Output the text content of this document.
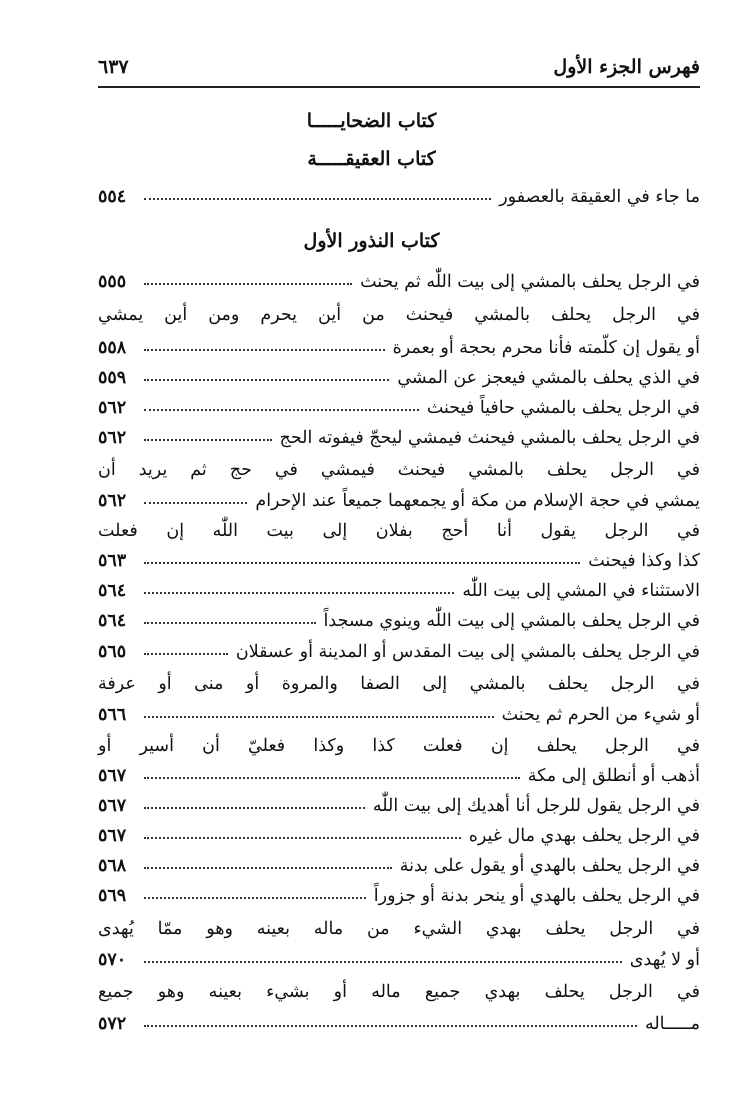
فهرس الجزء الأول
٦٣٧
كتاب الضحايـــــا
كتاب العقيقـــــة
ما جاء في العقيقة بالعصفور
٥٥٤
كتاب النذور الأول
في الرجل يحلف بالمشي إلى بيت اللّٰه ثم يحنث
٥٥٥
في الرجل يحلف بالمشي فيحنث من أين يحرم ومن أين يمشي
أو يقول إن كلّمته فأنا محرم بحجة أو بعمرة
٥٥٨
في الذي يحلف بالمشي فيعجز عن المشي
٥٥٩
في الرجل يحلف بالمشي حافياً فيحنث
٥٦٢
في الرجل يحلف بالمشي فيحنث فيمشي ليحجّ فيفوته الحج
٥٦٢
في الرجل يحلف بالمشي فيحنث فيمشي في حج ثم يريد أن
يمشي في حجة الإسلام من مكة أو يجمعهما جميعاً عند الإحرام
٥٦٢
في الرجل يقول أنا أحج بفلان إلى بيت اللّٰه إن فعلت
كذا وكذا فيحنث
٥٦٣
الاستثناء في المشي إلى بيت اللّٰه
٥٦٤
في الرجل يحلف بالمشي إلى بيت اللّٰه وينوي مسجداً
٥٦٤
في الرجل يحلف بالمشي إلى بيت المقدس أو المدينة أو عسقلان
٥٦٥
في الرجل يحلف بالمشي إلى الصفا والمروة أو منى أو عرفة
أو شيء من الحرم ثم يحنث
٥٦٦
في الرجل يحلف إن فعلت كذا وكذا فعليّ أن أسير أو
أذهب أو أنطلق إلى مكة
٥٦٧
في الرجل يقول للرجل أنا أهديك إلى بيت اللّٰه
٥٦٧
في الرجل يحلف بهدي مال غيره
٥٦٧
في الرجل يحلف بالهدي أو يقول على بدنة
٥٦٨
في الرجل يحلف بالهدي أو ينحر بدنة أو جزوراً
٥٦٩
في الرجل يحلف بهدي الشيء من ماله بعينه وهو ممّا يُهدى
أو لا يُهدى
٥٧٠
في الرجل يحلف بهدي جميع ماله أو بشيء بعينه وهو جميع
مـــــاله
٥٧٢
